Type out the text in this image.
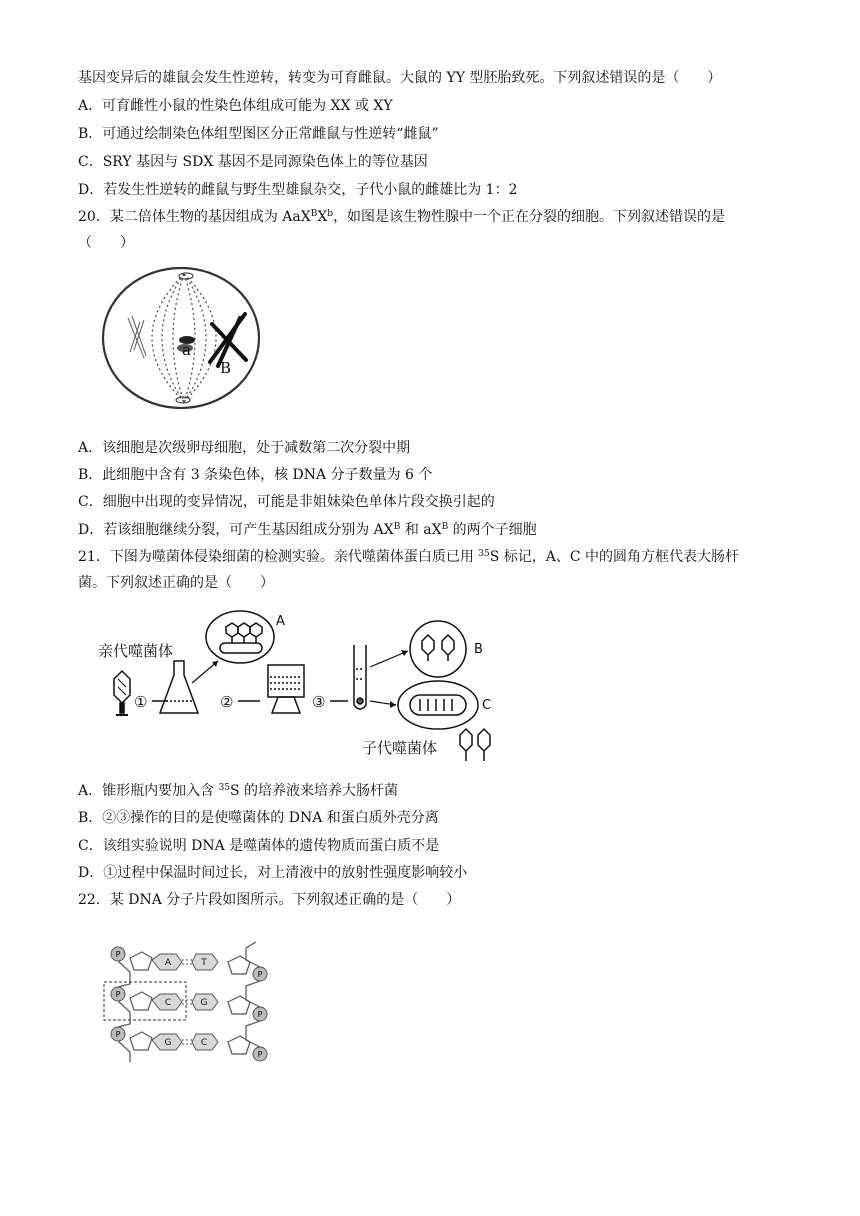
基因变异后的雄鼠会发生性逆转，转变为可育雌鼠。大鼠的 YY 型胚胎致死。下列叙述错误的是（　　）
A．可育雌性小鼠的性染色体组成可能为 XX 或 XY
B．可通过绘制染色体组型图区分正常雌鼠与性逆转“雌鼠”
C．SRY 基因与 SDX 基因不是同源染色体上的等位基因
D．若发生性逆转的雌鼠与野生型雄鼠杂交，子代小鼠的雌雄比为 1：2
20．某二倍体生物的基因组成为 $AaX^BX^b$，如图是该生物性腺中一个正在分裂的细胞。下列叙述错误的是
（　　）
a
B
A．该细胞是次级卵母细胞，处于减数第二次分裂中期
B．此细胞中含有 3 条染色体，核 DNA 分子数量为 6 个
C．细胞中出现的变异情况，可能是非姐妹染色单体片段交换引起的
D．若该细胞继续分裂，可产生基因组成分别为 $AX^B$ 和 $aX^B$ 的两个子细胞
21．下图为噬菌体侵染细菌的检测实验。亲代噬菌体蛋白质已用 $^{35}$S 标记，A、C 中的圆角方框代表大肠杆
菌。下列叙述正确的是（　　）
亲代噬菌体
①
A
②	③
B
C
子代噬菌体
A．锥形瓶内要加入含 $^{35}$S 的培养液来培养大肠杆菌
B．②③操作的目的是使噬菌体的 DNA 和蛋白质外壳分离
C．该组实验说明 DNA 是噬菌体的遗传物质而蛋白质不是
D．①过程中保温时间过长，对上清液中的放射性强度影响较小
22．某 DNA 分子片段如图所示。下列叙述正确的是（　　）
P
P
P
P
P
P
A
C
G
T
G
C
